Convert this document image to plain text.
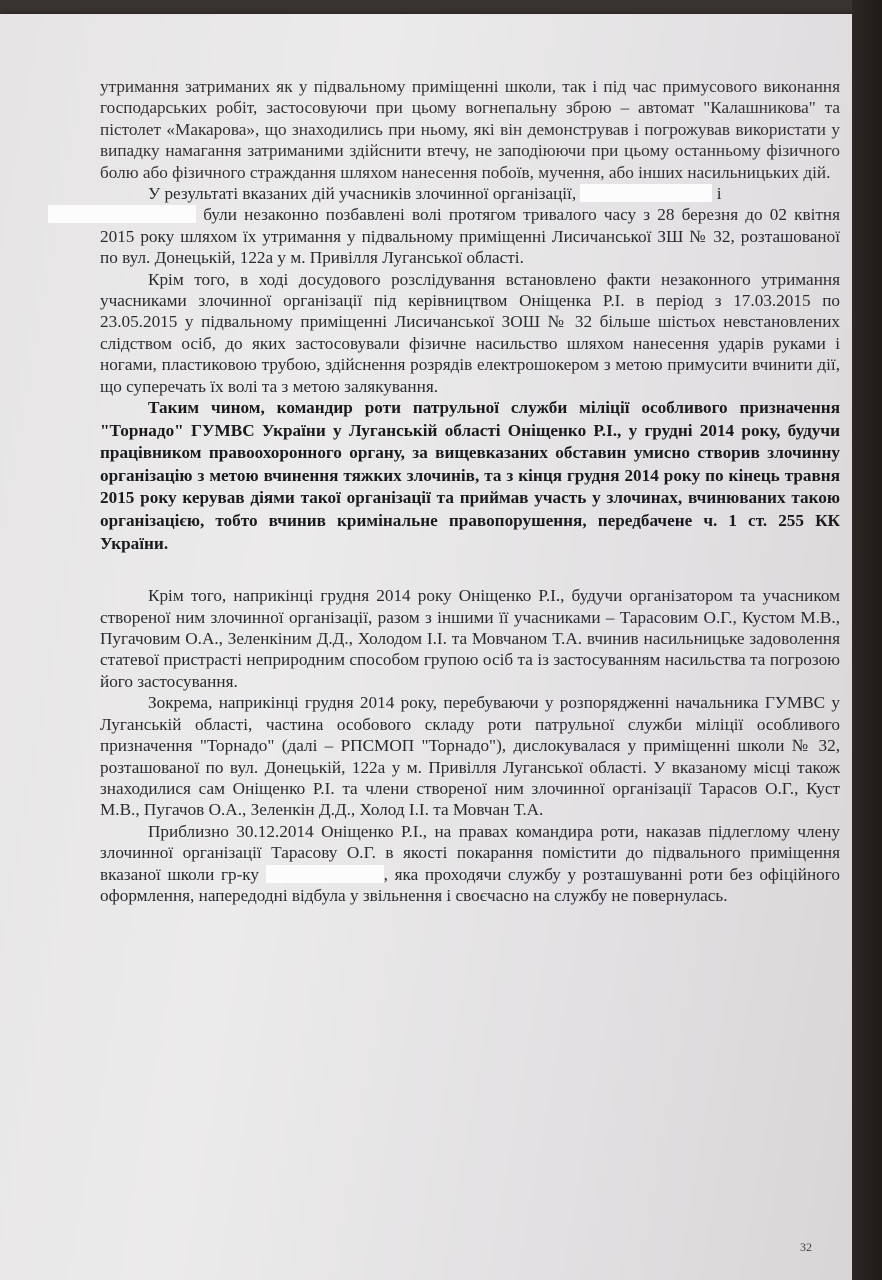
утримання затриманих як у підвальному приміщенні школи, так і під час примусового виконання господарських робіт, застосовуючи при цьому вогнепальну зброю – автомат "Калашникова" та пістолет «Макарова», що знаходились при ньому, які він демонстрував і погрожував використати у випадку намагання затриманими здійснити втечу, не заподіюючи при цьому останньому фізичного болю або фізичного страждання шляхом нанесення побоїв, мучення, або інших насильницьких дій.

У результаті вказаних дій учасників злочинної організації,	і
були незаконно позбавлені волі протягом тривалого часу з 28 березня до 02 квітня 2015 року шляхом їх утримання у підвальному приміщенні Лисичанської ЗШ № 32, розташованої по вул. Донецькій, 122а у м. Привілля Луганської області.

Крім того, в ході досудового розслідування встановлено факти незаконного утримання учасниками злочинної організації під керівництвом Оніщенка Р.І. в період з 17.03.2015 по 23.05.2015 у підвальному приміщенні Лисичанської ЗОШ № 32 більше шістьох невстановлених слідством осіб, до яких застосовували фізичне насильство шляхом нанесення ударів руками і ногами, пластиковою трубою, здійснення розрядів електрошокером з метою примусити вчинити дії, що суперечать їх волі та з метою залякування.

Таким чином, командир роти патрульної служби міліції особливого призначення "Торнадо" ГУМВС України у Луганській області Оніщенко Р.І., у грудні 2014 року, будучи працівником правоохоронного органу, за вищевказаних обставин умисно створив злочинну організацію з метою вчинення тяжких злочинів, та з кінця грудня 2014 року по кінець травня 2015 року керував діями такої організації та приймав участь у злочинах, вчинюваних такою організацією, тобто вчинив кримінальне правопорушення, передбачене ч. 1 ст. 255 КК України.

Крім того, наприкінці грудня 2014 року Оніщенко Р.І., будучи організатором та учасником створеної ним злочинної організації, разом з іншими її учасниками – Тарасовим О.Г., Кустом М.В., Пугачовим О.А., Зеленкіним Д.Д., Холодом І.І. та Мовчаном Т.А. вчинив насильницьке задоволення статевої пристрасті неприродним способом групою осіб та із застосуванням насильства та погрозою його застосування.

Зокрема, наприкінці грудня 2014 року, перебуваючи у розпорядженні начальника ГУМВС у Луганській області, частина особового складу роти патрульної служби міліції особливого призначення "Торнадо" (далі – РПСМОП "Торнадо"), дислокувалася у приміщенні школи № 32, розташованої по вул. Донецькій, 122а у м. Привілля Луганської області. У вказаному місці також знаходилися сам Оніщенко Р.І. та члени створеної ним злочинної організації Тарасов О.Г., Куст М.В., Пугачов О.А., Зеленкін Д.Д., Холод І.І. та Мовчан Т.А.

Приблизно 30.12.2014 Оніщенко Р.І., на правах командира роти, наказав підлеглому члену злочинної організації Тарасову О.Г. в якості покарання помістити до підвального приміщення вказаної школи гр-ку	, яка проходячи службу у розташуванні роти без офіційного оформлення, напередодні відбула у звільнення і своєчасно на службу не повернулась.

32
